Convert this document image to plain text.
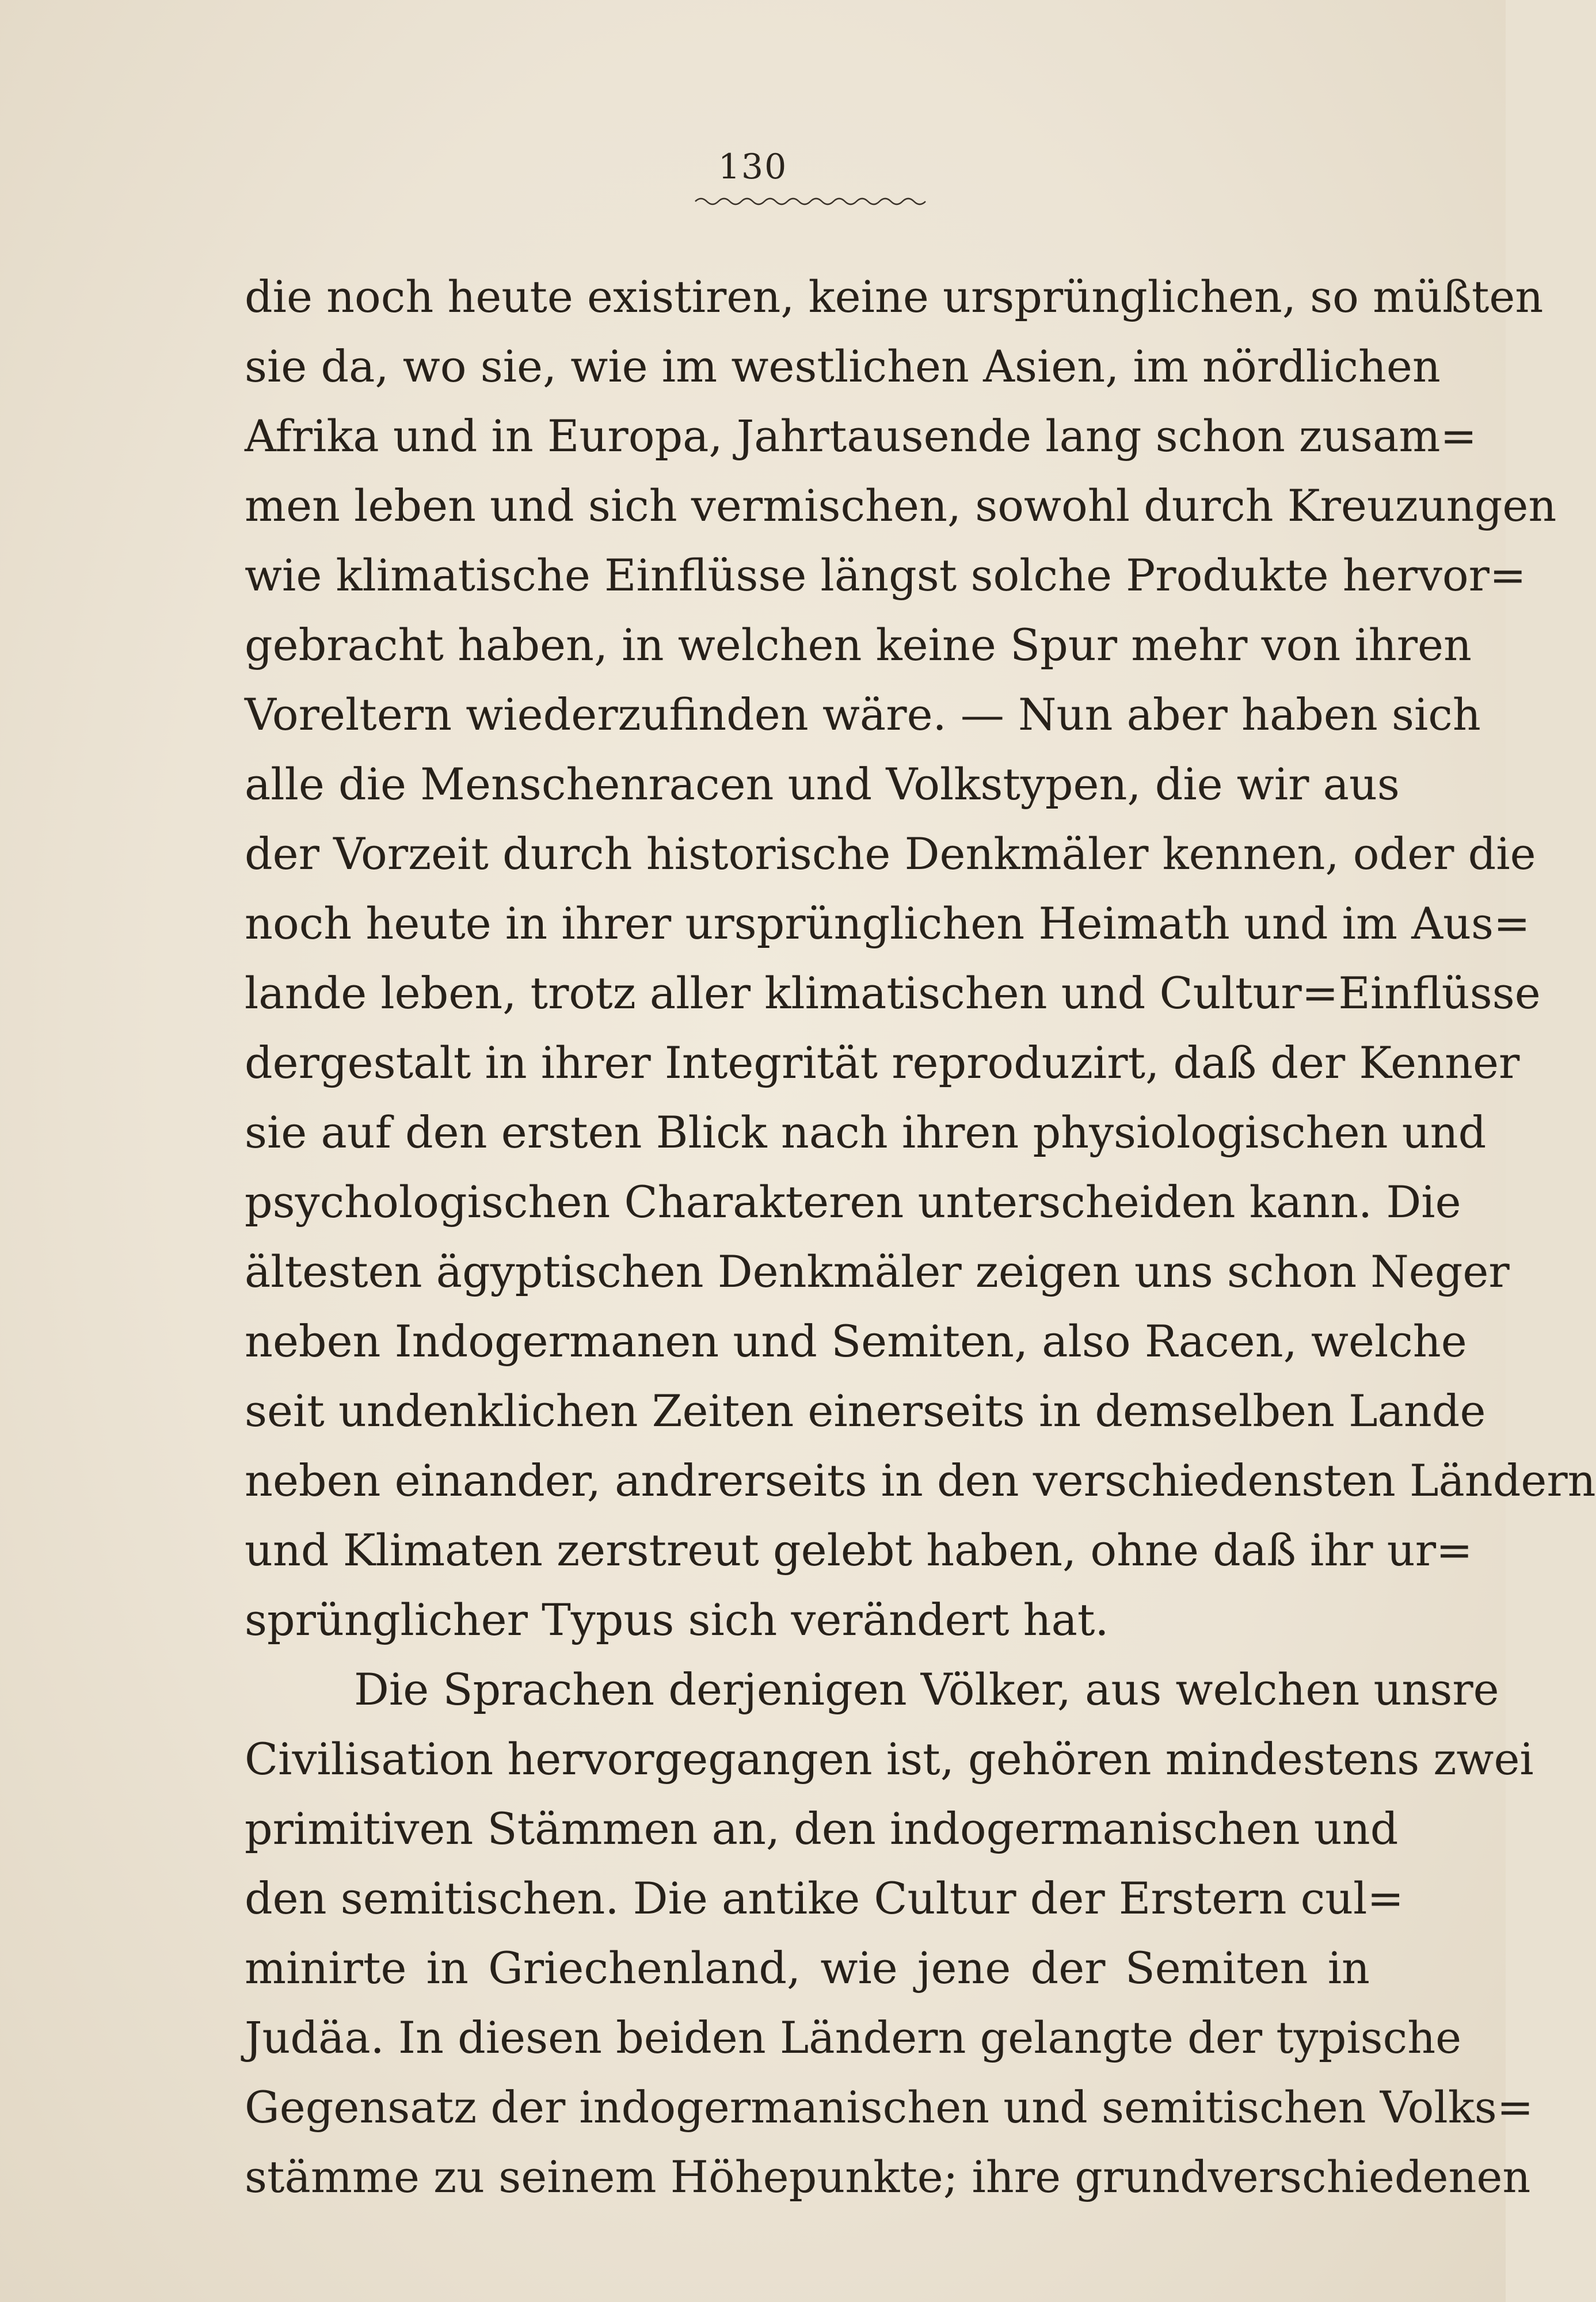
130
die noch heute existiren, keine ursprünglichen, so müßten
sie da, wo sie, wie im westlichen Asien, im nördlichen
Afrika und in Europa, Jahrtausende lang schon zusam=
men leben und sich vermischen, sowohl durch Kreuzungen
wie klimatische Einflüsse längst solche Produkte hervor=
gebracht haben, in welchen keine Spur mehr von ihren
Voreltern wiederzufinden wäre. — Nun aber haben sich
alle die Menschenracen und Volkstypen, die wir aus
der Vorzeit durch historische Denkmäler kennen, oder die
noch heute in ihrer ursprünglichen Heimath und im Aus=
lande leben, trotz aller klimatischen und Cultur=Einflüsse
dergestalt in ihrer Integrität reproduzirt, daß der Kenner
sie auf den ersten Blick nach ihren physiologischen und
psychologischen Charakteren unterscheiden kann. Die
ältesten ägyptischen Denkmäler zeigen uns schon Neger
neben Indogermanen und Semiten, also Racen, welche
seit undenklichen Zeiten einerseits in demselben Lande
neben einander, andrerseits in den verschiedensten Ländern
und Klimaten zerstreut gelebt haben, ohne daß ihr ur=
sprünglicher Typus sich verändert hat.
Die Sprachen derjenigen Völker, aus welchen unsre
Civilisation hervorgegangen ist, gehören mindestens zwei
primitiven Stämmen an, den indogermanischen und
den semitischen. Die antike Cultur der Erstern cul=
minirte in Griechenland, wie jene der Semiten in
Judäa. In diesen beiden Ländern gelangte der typische
Gegensatz der indogermanischen und semitischen Volks=
stämme zu seinem Höhepunkte; ihre grundverschiedenen
